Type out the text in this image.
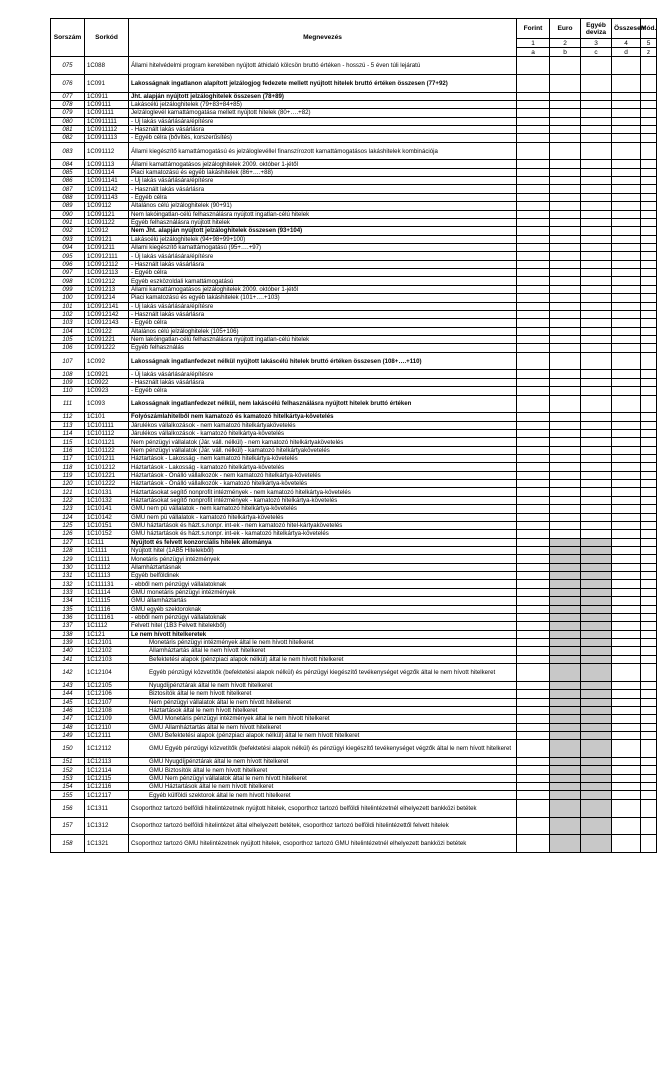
Sorszám	Sorkód	Megnevezés	Forint	Euro	Egyéb deviza	Összesen	Mód.
			1	2	3	4	5
			a	b	c	d	z
075	1C088	Állami hitelvédelmi program keretében nyújtott áthidaló kölcsön bruttó értéken - hosszú - 5 éven túli lejáratú					
076	1C091	Lakosságnak ingatlanon alapított jelzálogjog fedezete mellett nyújtott hitelek bruttó értéken összesen (77+92)					
077	1C0911	Jht. alapján nyújtott jelzáloghitelek összesen (78+89)					
078	1C09111	Lakáscélú jelzáloghitelek (79+83+84+85)					
079	1C091111	Jelzáloglevél kamattámogatása mellett nyújtott hitelek (80+….+82)					
080	1C0911111	- Új lakás vásárlására/építésre					
081	1C0911112	- Használt lakás vásárlásra					
082	1C0911113	- Egyéb célra (bővítés, korszerűsítés)					
083	1C091112	Állami kiegészítő kamattámogatású és jelzáloglevéllel finanszírozott kamattámogatásos lakáshitelek kombinációja					
084	1C091113	Állami kamattámogatásos jelzáloghitelek 2009. október 1-jétől					
085	1C091114	Piaci kamatozású és egyéb lakáshitelek (86+….+88)					
086	1C0911141	- Új lakás vásárlására/építésre					
087	1C0911142	- Használt lakás vásárlásra					
088	1C0911143	- Egyéb célra					
089	1C09112	Általános célú jelzáloghitelek (90+91)					
090	1C091121	Nem lakóingatlan-célú felhasználásra nyújtott ingatlan-célú hitelek					
091	1C091122	Egyéb felhasználásra nyújtott hitelek					
092	1C0912	Nem Jht. alapján nyújtott jelzáloghitelek összesen (93+104)					
093	1C09121	Lakáscélú jelzáloghitelek (94+98+99+100)					
094	1C091211	Állami kiegészítő kamattámogatású (95+….+97)					
095	1C0912111	- Új lakás vásárlására/építésre					
096	1C0912112	- Használt lakás vásárlásra					
097	1C0912113	- Egyéb célra					
098	1C091212	Egyéb eszközoldali kamattámogatású					
099	1C091213	Állami kamattámogatásos jelzáloghitelek 2009. október 1-jétől					
100	1C091214	Piaci kamatozású és egyéb lakáshitelek (101+….+103)					
101	1C0912141	- Új lakás vásárlására/építésre					
102	1C0912142	- Használt lakás vásárlásra					
103	1C0912143	- Egyéb célra					
104	1C09122	Általános célú jelzáloghitelek (105+106)					
105	1C091221	Nem lakóingatlan-célú felhasználásra nyújtott ingatlan-célú hitelek					
106	1C091222	Egyéb felhasználás					
107	1C092	Lakosságnak ingatlanfedezet nélkül nyújtott lakáscélú hitelek bruttó értéken összesen (108+….+110)					
108	1C0921	- Új lakás vásárlására/építésre					
109	1C0922	- Használt lakás vásárlásra					
110	1C0923	- Egyéb célra					
111	1C093	Lakosságnak ingatlanfedezet nélkül, nem lakáscélú felhasználásra nyújtott hitelek bruttó értéken					
112	1C101	Folyószámlahitelből nem kamatozó és kamatozó hitelkártya-követelés					
113	1C101111	Járulékos vállalkozások - nem kamatozó hitelkártyakövetelés					
114	1C101112	Járulékos vállalkozások - kamatozó hitelkártya-követelés					
115	1C101121	Nem pénzügyi vállalatok (Jár. váll. nélkül) - nem kamatozó hitelkártyakövetelés					
116	1C101122	Nem pénzügyi vállalatok (Jár. váll. nélkül) - kamatozó hitelkártyakövetelés					
117	1C101211	Háztartások - Lakosság - nem kamatozó hitelkártya-követelés					
118	1C101212	Háztartások - Lakosság - kamatozó hitelkártya-követelés					
119	1C101221	Háztartások - Önálló vállalkozók - nem kamatozó hitelkártya-követelés					
120	1C101222	Háztartások - Önálló vállalkozók - kamatozó hitelkártya-követelés					
121	1C10131	Háztartásokat segítő nonprofit intézmények - nem kamatozó hitelkártya-követelés					
122	1C10132	Háztartásokat segítő nonprofit intézmények - kamatozó hitelkártya-követelés					
123	1C10141	GMU nem pü vállalatok - nem kamatozó hitelkártya-követelés					
124	1C10142	GMU nem pü vállalatok - kamatozó hitelkártya-követelés					
125	1C10151	GMU háztartások és házt.s.nonpr. int-ek - nem kamatozó hitel-kártyakövetelés					
126	1C10152	GMU háztartások és házt.s.nonpr. int-ek - kamatozó hitelkártya-követelés					
127	1C111	Nyújtott és felvett konzorciális hitelek állománya					
128	1C1111	Nyújtott hitel (1AB5 Hitelekből)					
129	1C11111	Monetáris pénzügyi intézmények					
130	1C11112	Államháztartásnak					
131	1C11113	Egyéb belföldinek					
132	1C111131	- ebből nem pénzügyi vállalatoknak					
133	1C11114	GMU monetáris pénzügyi intézmények					
134	1C11115	GMU államháztartás					
135	1C11116	GMU egyéb szektoroknak					
136	1C111161	- ebből nem pénzügyi vállalatoknak					
137	1C1112	Felvett hitel (1B3 Felvett hitelekből)					
138	1C121	Le nem hívott hitelkeretek					
139	1C12101	Monetáris pénzügyi intézmények által le nem hívott hitelkeret					
140	1C12102	Államháztartás által le nem hívott hitelkeret					
141	1C12103	Befektetési alapok (pénzpiaci alapok nélkül) által le nem hívott hitelkeret					
142	1C12104	Egyéb pénzügyi közvetítők (befektetési alapok nélkül) és pénzügyi kiegészítő tevékenységet végzők által le nem hívott hitelkeret					
143	1C12105	Nyugdíjpénztárak által le nem hívott hitelkeret					
144	1C12106	Biztosítók által le nem hívott hitelkeret					
145	1C12107	Nem pénzügyi vállalatok által le nem hívott hitelkeret					
146	1C12108	Háztartások által le nem hívott hitelkeret					
147	1C12109	GMU Monetáris pénzügyi intézmények által le nem hívott hitelkeret					
148	1C12110	GMU Államháztartás által le nem hívott hitelkeret					
149	1C12111	GMU Befektetési alapok (pénzpiaci alapok nélkül) által le nem hívott hitelkeret					
150	1C12112	GMU Egyéb pénzügyi közvetítők (befektetési alapok nélkül) és pénzügyi kiegészítő tevékenységet végzők által le nem hívott hitelkeret					
151	1C12113	GMU Nyugdíjpénztárak által le nem hívott hitelkeret					
152	1C12114	GMU Biztosítók által le nem hívott hitelkeret					
153	1C12115	GMU Nem pénzügyi vállalatok által le nem hívott hitelkeret					
154	1C12116	GMU Háztartások által le nem hívott hitelkeret					
155	1C12117	Egyéb külföldi szektorok által le nem hívott hitelkeret					
156	1C1311	Csoporthoz tartozó belföldi hitelintézetnek nyújtott hitelek, csoporthoz tartozó belföldi hitelintézetnél elhelyezett bankközi betétek					
157	1C1312	Csoporthoz tartozó belföldi hitelintézet által elhelyezett betétek, csoporthoz tartozó belföldi hitelintézettől felvett hitelek					
158	1C1321	Csoporthoz tartozó GMU hitelintézetnek nyújtott hitelek, csoporthoz tartozó GMU hitelintézetnél elhelyezett bankközi betétek					
